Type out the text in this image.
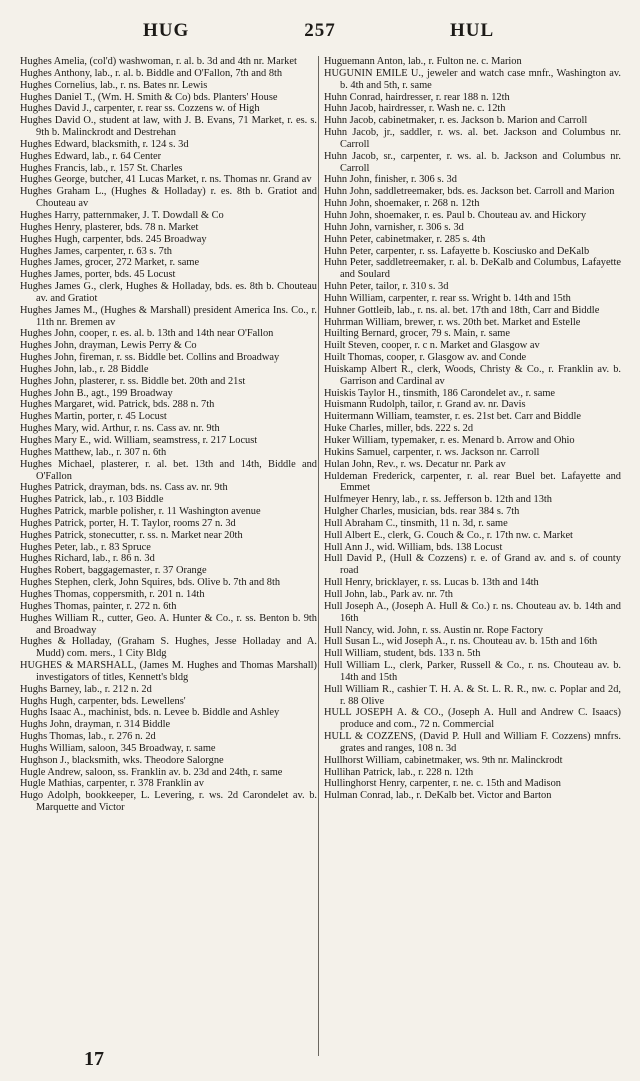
HUG	257	HUL
Hughes Amelia, (col'd) washwoman, r. al. b. 3d and 4th nr. Market
Hughes Anthony, lab., r. al. b. Biddle and O'Fallon, 7th and 8th
Hughes Cornelius, lab., r. ns. Bates nr. Lewis
Hughes Daniel T., (Wm. H. Smith & Co) bds. Planters' House
Hughes David J., carpenter, r. rear ss. Cozzens w. of High
Hughes David O., student at law, with J. B. Evans, 71 Market, r. es. s. 9th b. Malinckrodt and Destrehan
Hughes Edward, blacksmith, r. 124 s. 3d
Hughes Edward, lab., r. 64 Center
Hughes Francis, lab., r. 157 St. Charles
Hughes George, butcher, 41 Lucas Market, r. ns. Thomas nr. Grand av
Hughes Graham L., (Hughes & Holladay) r. es. 8th b. Gratiot and Chouteau av
Hughes Harry, patternmaker, J. T. Dowdall & Co
Hughes Henry, plasterer, bds. 78 n. Market
Hughes Hugh, carpenter, bds. 245 Broadway
Hughes James, carpenter, r. 63 s. 7th
Hughes James, grocer, 272 Market, r. same
Hughes James, porter, bds. 45 Locust
Hughes James G., clerk, Hughes & Holladay, bds. es. 8th b. Chouteau av. and Gratiot
Hughes James M., (Hughes & Marshall) president America Ins. Co., r. 11th nr. Bremen av
Hughes John, cooper, r. es. al. b. 13th and 14th near O'Fallon
Hughes John, drayman, Lewis Perry & Co
Hughes John, fireman, r. ss. Biddle bet. Collins and Broadway
Hughes John, lab., r. 28 Biddle
Hughes John, plasterer, r. ss. Biddle bet. 20th and 21st
Hughes John B., agt., 199 Broadway
Hughes Margaret, wid. Patrick, bds. 288 n. 7th
Hughes Martin, porter, r. 45 Locust
Hughes Mary, wid. Arthur, r. ns. Cass av. nr. 9th
Hughes Mary E., wid. William, seamstress, r. 217 Locust
Hughes Matthew, lab., r. 307 n. 6th
Hughes Michael, plasterer, r. al. bet. 13th and 14th, Biddle and O'Fallon
Hughes Patrick, drayman, bds. ns. Cass av. nr. 9th
Hughes Patrick, lab., r. 103 Biddle
Hughes Patrick, marble polisher, r. 11 Washington avenue
Hughes Patrick, porter, H. T. Taylor, rooms 27 n. 3d
Hughes Patrick, stonecutter, r. ss. n. Market near 20th
Hughes Peter, lab., r. 83 Spruce
Hughes Richard, lab., r. 86 n. 3d
Hughes Robert, baggagemaster, r. 37 Orange
Hughes Stephen, clerk, John Squires, bds. Olive b. 7th and 8th
Hughes Thomas, coppersmith, r. 201 n. 14th
Hughes Thomas, painter, r. 272 n. 6th
Hughes William R., cutter, Geo. A. Hunter & Co., r. ss. Benton b. 9th and Broadway
Hughes & Holladay, (Graham S. Hughes, Jesse Holladay and A. Mudd) com. mers., 1 City Bldg
HUGHES & MARSHALL, (James M. Hughes and Thomas Marshall) investigators of titles, Kennett's bldg
Hughs Barney, lab., r. 212 n. 2d
Hughs Hugh, carpenter, bds. Lewellens'
Hughs Isaac A., machinist, bds. n. Levee b. Biddle and Ashley
Hughs John, drayman, r. 314 Biddle
Hughs Thomas, lab., r. 276 n. 2d
Hughs William, saloon, 345 Broadway, r. same
Hughson J., blacksmith, wks. Theodore Salorgne
Hugle Andrew, saloon, ss. Franklin av. b. 23d and 24th, r. same
Hugle Mathias, carpenter, r. 378 Franklin av
Hugo Adolph, bookkeeper, L. Levering, r. ws. 2d Carondelet av. b. Marquette and Victor
Huguemann Anton, lab., r. Fulton ne. c. Marion
HUGUNIN EMILE U., jeweler and watch case mnfr., Washington av. b. 4th and 5th, r. same
Huhn Conrad, hairdresser, r. rear 188 n. 12th
Huhn Jacob, hairdresser, r. Wash ne. c. 12th
Huhn Jacob, cabinetmaker, r. es. Jackson b. Marion and Carroll
Huhn Jacob, jr., saddler, r. ws. al. bet. Jackson and Columbus nr. Carroll
Huhn Jacob, sr., carpenter, r. ws. al. b. Jackson and Columbus nr. Carroll
Huhn John, finisher, r. 306 s. 3d
Huhn John, saddletreemaker, bds. es. Jackson bet. Carroll and Marion
Huhn John, shoemaker, r. 268 n. 12th
Huhn John, shoemaker, r. es. Paul b. Chouteau av. and Hickory
Huhn John, varnisher, r. 306 s. 3d
Huhn Peter, cabinetmaker, r. 285 s. 4th
Huhn Peter, carpenter, r. ss. Lafayette b. Kosciusko and DeKalb
Huhn Peter, saddletreemaker, r. al. b. DeKalb and Columbus, Lafayette and Soulard
Huhn Peter, tailor, r. 310 s. 3d
Huhn William, carpenter, r. rear ss. Wright b. 14th and 15th
Huhner Gottleib, lab., r. ns. al. bet. 17th and 18th, Carr and Biddle
Huhrman William, brewer, r. ws. 20th bet. Market and Estelle
Huilting Bernard, grocer, 79 s. Main, r. same
Huilt Steven, cooper, r. c n. Market and Glasgow av
Huilt Thomas, cooper, r. Glasgow av. and Conde
Huiskamp Albert R., clerk, Woods, Christy & Co., r. Franklin av. b. Garrison and Cardinal av
Huiskis Taylor H., tinsmith, 186 Carondelet av., r. same
Huismann Rudolph, tailor, r. Grand av. nr. Davis
Huitermann William, teamster, r. es. 21st bet. Carr and Biddle
Huke Charles, miller, bds. 222 s. 2d
Huker William, typemaker, r. es. Menard b. Arrow and Ohio
Hukins Samuel, carpenter, r. ws. Jackson nr. Carroll
Hulan John, Rev., r. ws. Decatur nr. Park av
Huldeman Frederick, carpenter, r. al. rear Buel bet. Lafayette and Emmet
Hulfmeyer Henry, lab., r. ss. Jefferson b. 12th and 13th
Hulgher Charles, musician, bds. rear 384 s. 7th
Hull Abraham C., tinsmith, 11 n. 3d, r. same
Hull Albert E., clerk, G. Couch & Co., r. 17th nw. c. Market
Hull Ann J., wid. William, bds. 138 Locust
Hull David P., (Hull & Cozzens) r. e. of Grand av. and s. of county road
Hull Henry, bricklayer, r. ss. Lucas b. 13th and 14th
Hull John, lab., Park av. nr. 7th
Hull Joseph A., (Joseph A. Hull & Co.) r. ns. Chouteau av. b. 14th and 16th
Hull Nancy, wid. John, r. ss. Austin nr. Rope Factory
Hull Susan L., wid Joseph A., r. ns. Chouteau av. b. 15th and 16th
Hull William, student, bds. 133 n. 5th
Hull William L., clerk, Parker, Russell & Co., r. ns. Chouteau av. b. 14th and 15th
Hull William R., cashier T. H. A. & St. L. R. R., nw. c. Poplar and 2d, r. 88 Olive
HULL JOSEPH A. & CO., (Joseph A. Hull and Andrew C. Isaacs) produce and com., 72 n. Commercial
HULL & COZZENS, (David P. Hull and William F. Cozzens) mnfrs. grates and ranges, 108 n. 3d
Hullhorst William, cabinetmaker, ws. 9th nr. Malinckrodt
Hullihan Patrick, lab., r. 228 n. 12th
Hullinghorst Henry, carpenter, r. ne. c. 15th and Madison
Hulman Conrad, lab., r. DeKalb bet. Victor and Barton
17
